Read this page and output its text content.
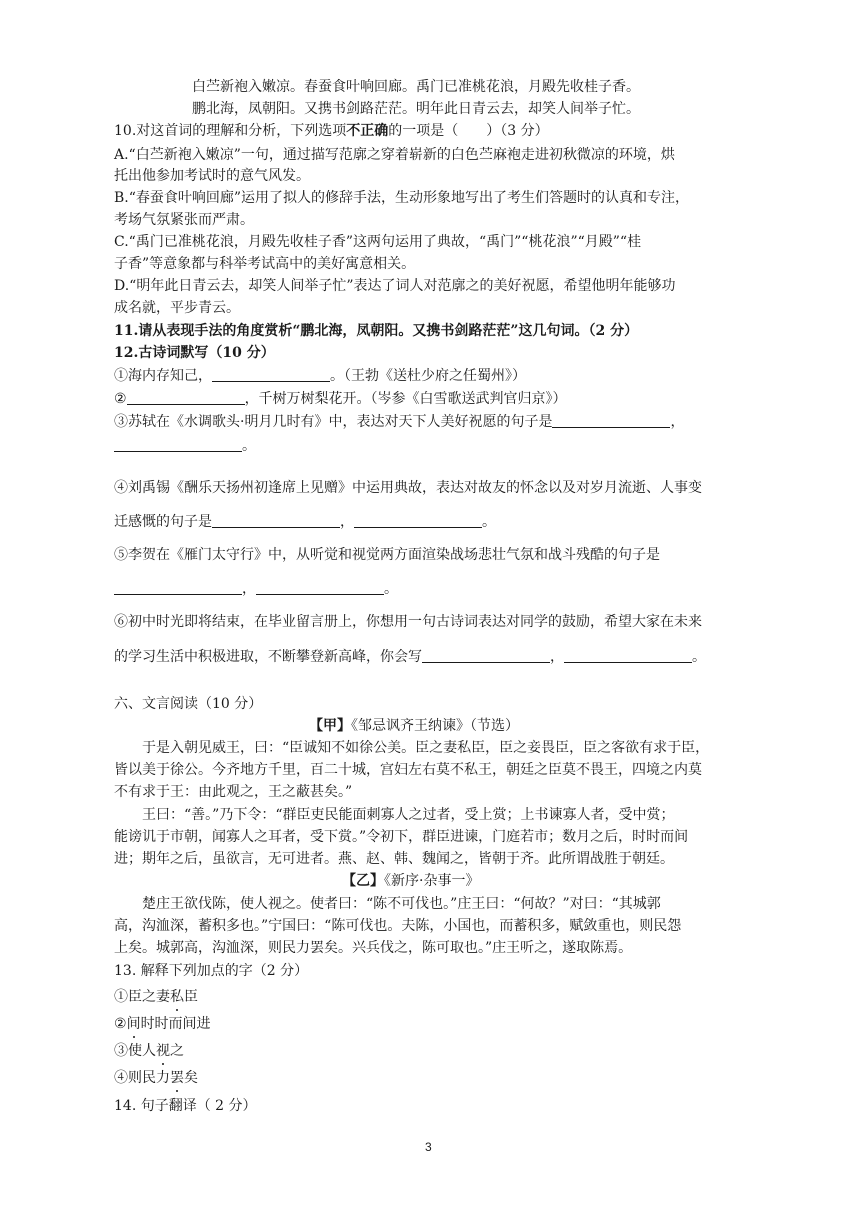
白苎新袍入嫩凉。春蚕食叶响回廊。禹门已准桃花浪，月殿先收桂子香。
鹏北海，凤朝阳。又携书剑路茫茫。明年此日青云去，却笑人间举子忙。
10.对这首词的理解和分析，下列选项不正确的一项是（　　）（3 分）
A.“白苎新袍入嫩凉”一句，通过描写范廓之穿着崭新的白色苎麻袍走进初秋微凉的环境，烘
托出他参加考试时的意气风发。
B.“春蚕食叶响回廊”运用了拟人的修辞手法，生动形象地写出了考生们答题时的认真和专注，
考场气氛紧张而严肃。
C.“禹门已准桃花浪，月殿先收桂子香”这两句运用了典故，“禹门”“桃花浪”“月殿”“桂
子香”等意象都与科举考试高中的美好寓意相关。
D.“明年此日青云去，却笑人间举子忙”表达了词人对范廓之的美好祝愿，希望他明年能够功
成名就，平步青云。
11.请从表现手法的角度赏析“鹏北海，凤朝阳。又携书剑路茫茫”这几句词。（2 分）
12.古诗词默写（10 分）
①海内存知己，	。（王勃《送杜少府之任蜀州》）
②	，千树万树梨花开。（岑参《白雪歌送武判官归京》）
③苏轼在《水调歌头·明月几时有》中，表达对天下人美好祝愿的句子是	，
。
④刘禹锡《酬乐天扬州初逢席上见赠》中运用典故，表达对故友的怀念以及对岁月流逝、人事变
迁感慨的句子是	，	。
⑤李贺在《雁门太守行》中，从听觉和视觉两方面渲染战场悲壮气氛和战斗残酷的句子是
，	。
⑥初中时光即将结束，在毕业留言册上，你想用一句古诗词表达对同学的鼓励，希望大家在未来
的学习生活中积极进取，不断攀登新高峰，你会写	，	。
六、文言阅读（10 分）
【甲】《邹忌讽齐王纳谏》（节选）
于是入朝见威王，曰：“臣诚知不如徐公美。臣之妻私臣，臣之妾畏臣，臣之客欲有求于臣，
皆以美于徐公。今齐地方千里，百二十城，宫妇左右莫不私王，朝廷之臣莫不畏王，四境之内莫
不有求于王：由此观之，王之蔽甚矣。”
王曰：“善。”乃下令：“群臣吏民能面刺寡人之过者，受上赏；上书谏寡人者，受中赏；
能谤讥于市朝，闻寡人之耳者，受下赏。”令初下，群臣进谏，门庭若市；数月之后，时时而间
进；期年之后，虽欲言，无可进者。燕、赵、韩、魏闻之，皆朝于齐。此所谓战胜于朝廷。
【乙】《新序·杂事一》
楚庄王欲伐陈，使人视之。使者曰：“陈不可伐也。”庄王曰：“何故？”对曰：“其城郭
高，沟洫深，蓄积多也。”宁国曰：“陈可伐也。夫陈，小国也，而蓄积多，赋敛重也，则民怨
上矣。城郭高，沟洫深，则民力罢矣。兴兵伐之，陈可取也。”庄王听之，遂取陈焉。
13. 解释下列加点的字（2 分）
①臣之妻私臣
②间时时而间进
③使人视之
④则民力罢矣
14. 句子翻译（ 2 分）
3
